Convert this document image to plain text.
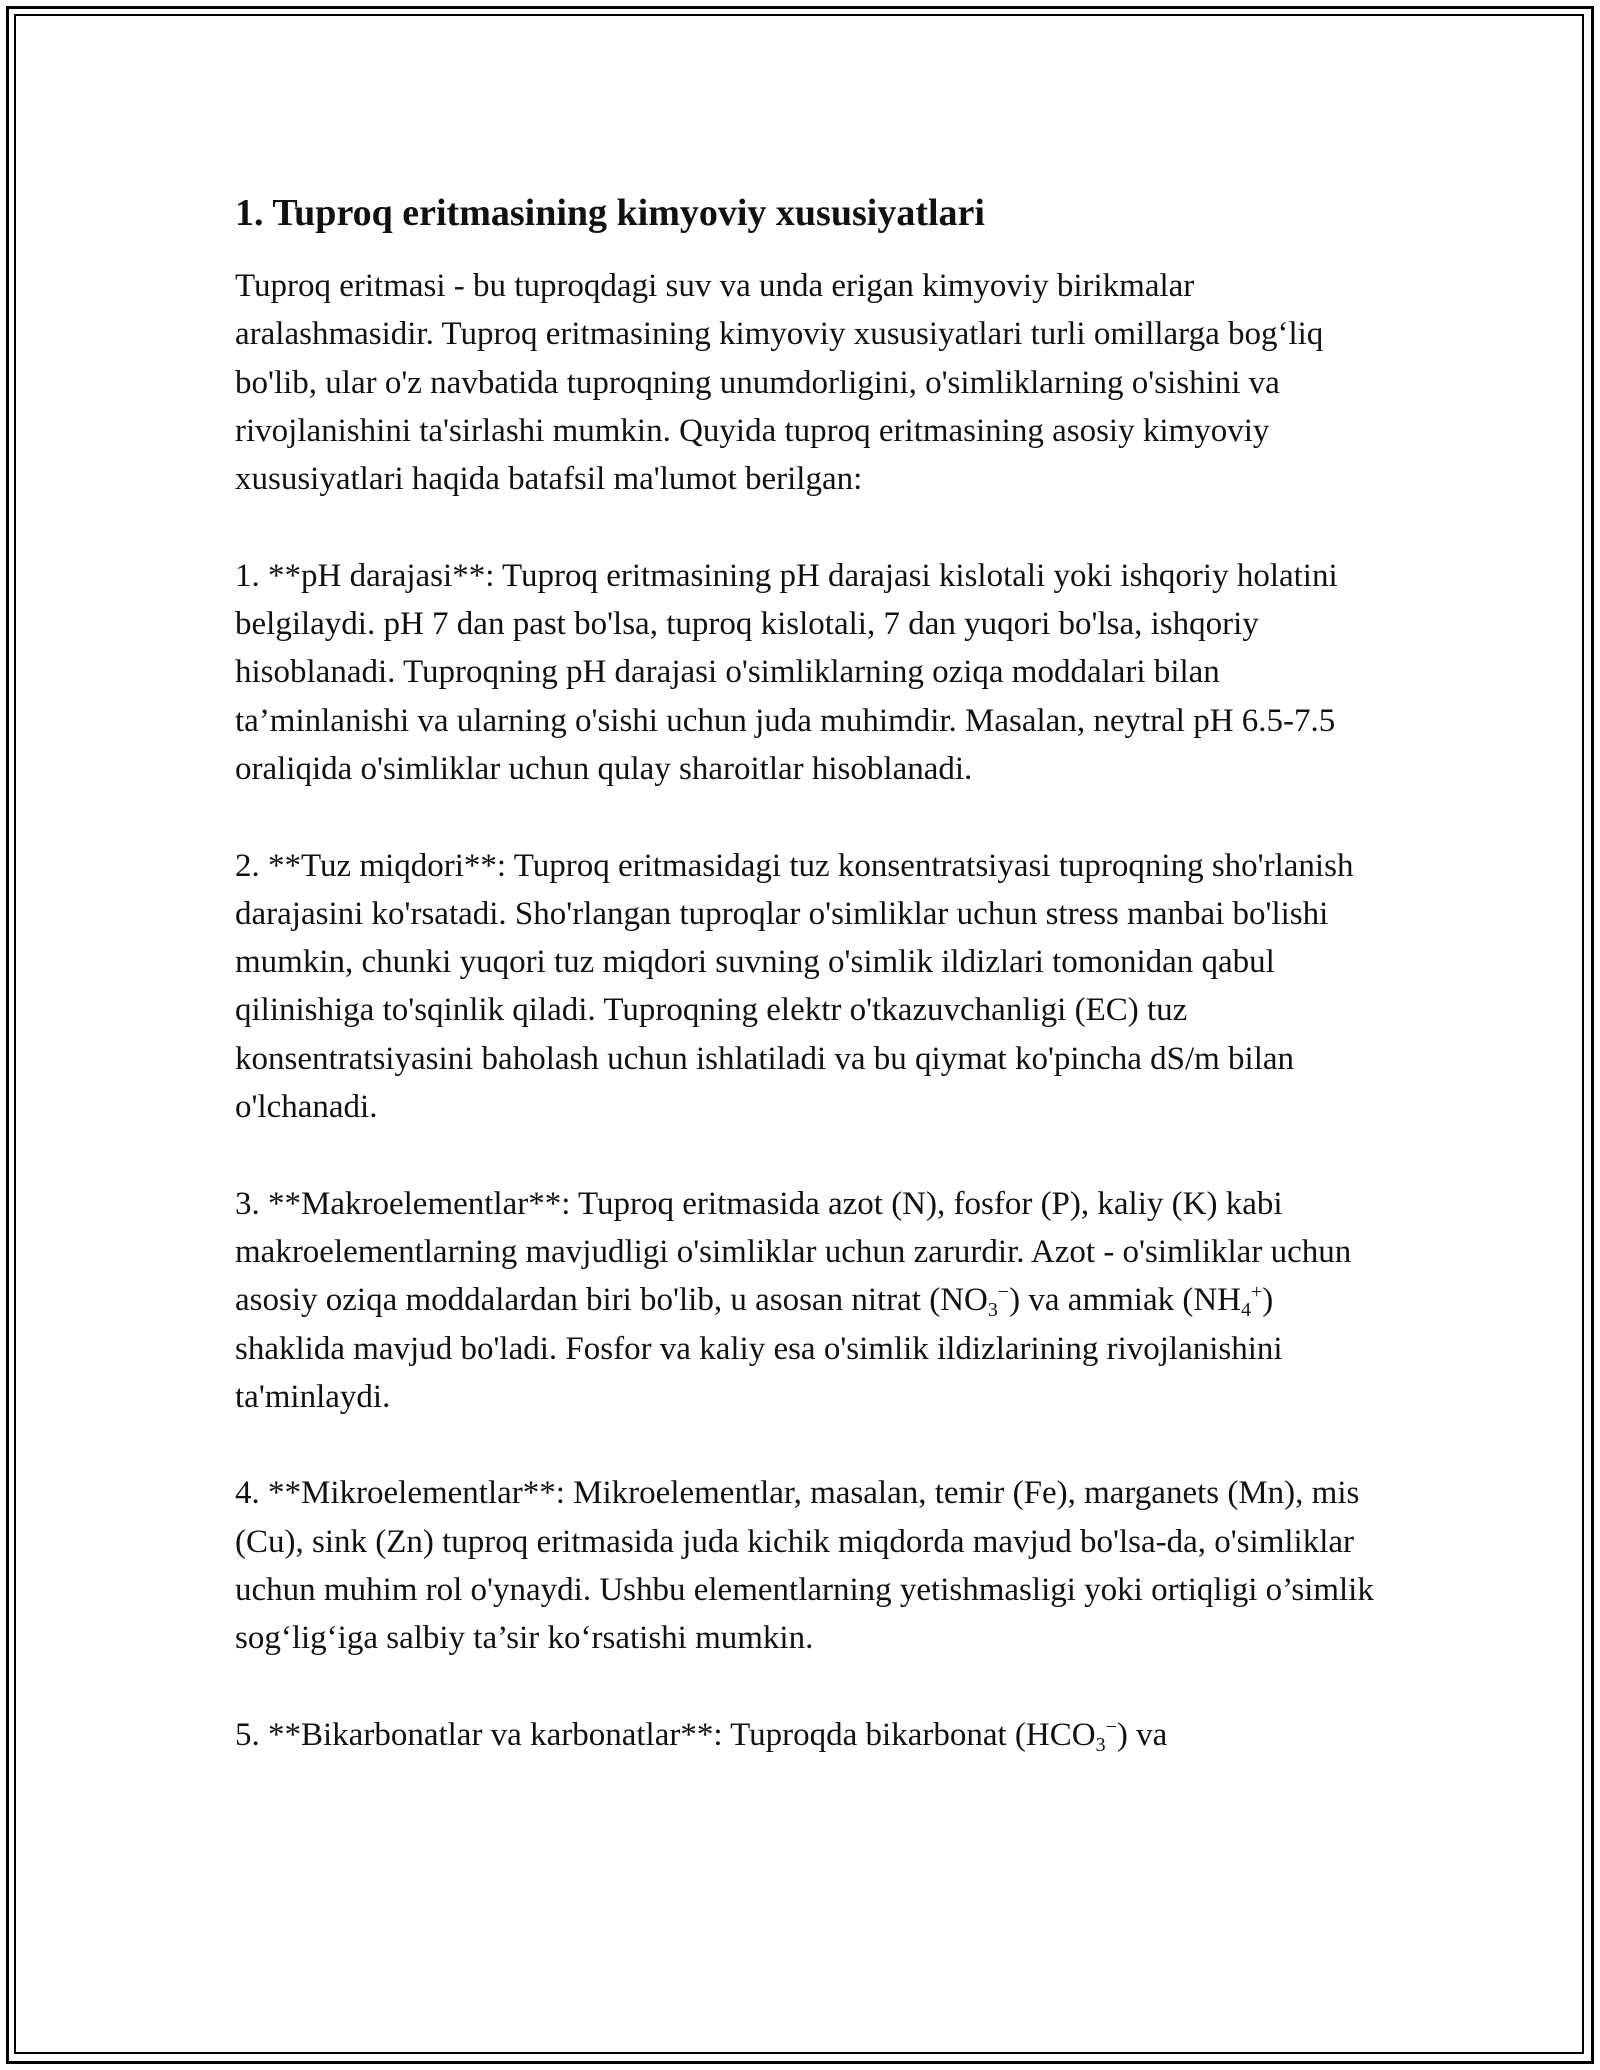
1. Tuproq eritmasining kimyoviy xususiyatlari

Tuproq eritmasi - bu tuproqdagi suv va unda erigan kimyoviy birikmalar aralashmasidir. Tuproq eritmasining kimyoviy xususiyatlari turli omillarga bog‘liq bo'lib, ular o'z navbatida tuproqning unumdorligini, o'simliklarning o'sishini va rivojlanishini ta'sirlashi mumkin. Quyida tuproq eritmasining asosiy kimyoviy xususiyatlari haqida batafsil ma'lumot berilgan:

1. **pH darajasi**: Tuproq eritmasining pH darajasi kislotali yoki ishqoriy holatini belgilaydi. pH 7 dan past bo'lsa, tuproq kislotali, 7 dan yuqori bo'lsa, ishqoriy hisoblanadi. Tuproqning pH darajasi o'simliklarning oziqa moddalari bilan ta’minlanishi va ularning o'sishi uchun juda muhimdir. Masalan, neytral pH 6.5-7.5 oraliqida o'simliklar uchun qulay sharoitlar hisoblanadi.

2. **Tuz miqdori**: Tuproq eritmasidagi tuz konsentratsiyasi tuproqning sho'rlanish darajasini ko'rsatadi. Sho'rlangan tuproqlar o'simliklar uchun stress manbai bo'lishi mumkin, chunki yuqori tuz miqdori suvning o'simlik ildizlari tomonidan qabul qilinishiga to'sqinlik qiladi. Tuproqning elektr o'tkazuvchanligi (EC) tuz konsentratsiyasini baholash uchun ishlatiladi va bu qiymat ko'pincha dS/m bilan o'lchanadi.

3. **Makroelementlar**: Tuproq eritmasida azot (N), fosfor (P), kaliy (K) kabi makroelementlarning mavjudligi o'simliklar uchun zarurdir. Azot - o'simliklar uchun asosiy oziqa moddalardan biri bo'lib, u asosan nitrat $(NO_3^-)$ va ammiak $(NH_4^+)$ shaklida mavjud bo'ladi. Fosfor va kaliy esa o'simlik ildizlarining rivojlanishini ta'minlaydi.

4. **Mikroelementlar**: Mikroelementlar, masalan, temir (Fe), marganets (Mn), mis (Cu), sink (Zn) tuproq eritmasida juda kichik miqdorda mavjud bo'lsa-da, o'simliklar uchun muhim rol o'ynaydi. Ushbu elementlarning yetishmasligi yoki ortiqligi o’simlik sog‘lig‘iga salbiy ta’sir ko‘rsatishi mumkin.

5. **Bikarbonatlar va karbonatlar**: Tuproqda bikarbonat $(HCO_3^-)$ va
